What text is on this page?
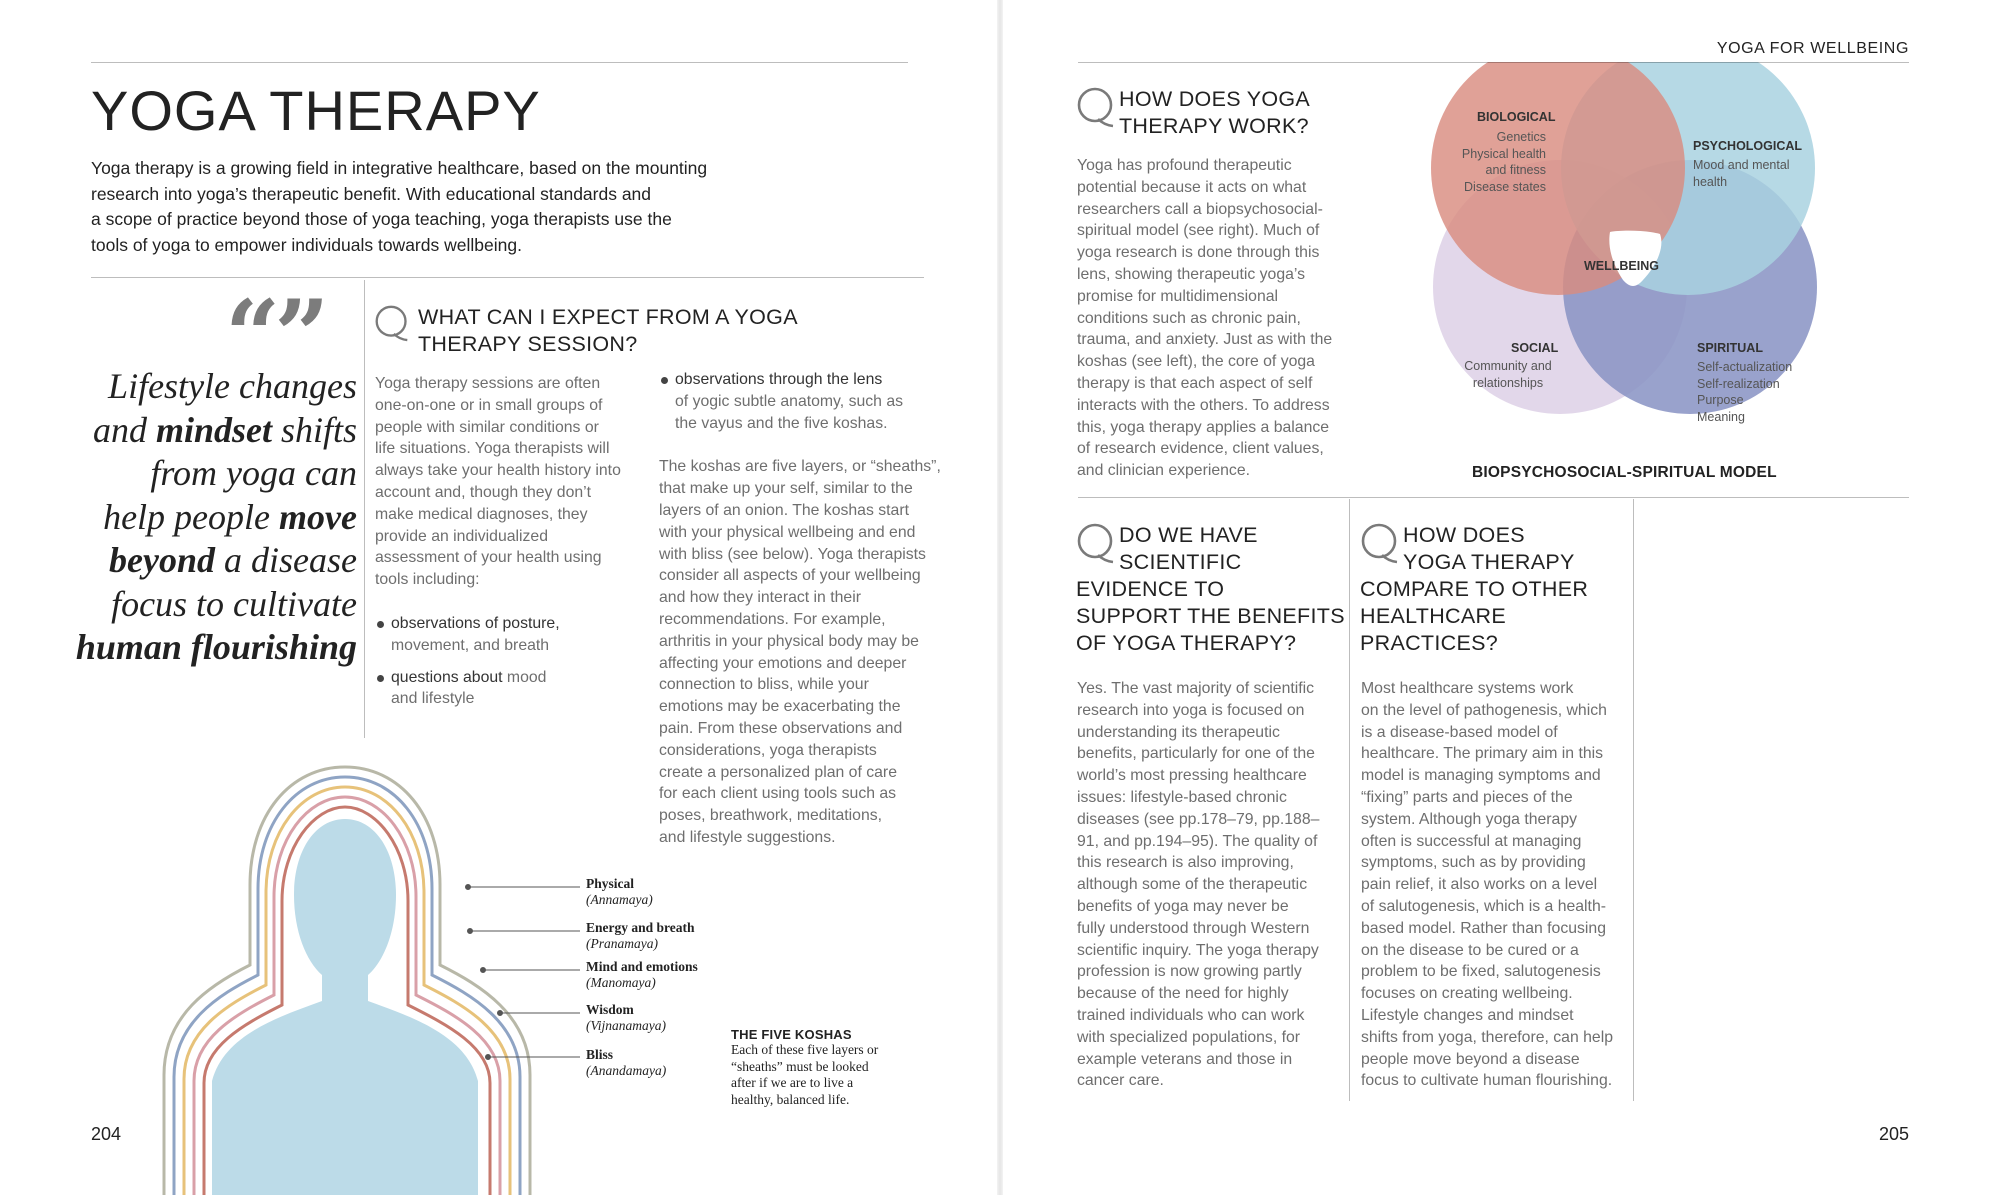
YOGA FOR WELLBEING
YOGA THERAPY
Yoga therapy is a growing field in integrative healthcare, based on the mounting
research into yoga’s therapeutic benefit. With educational standards and
a scope of practice beyond those of yoga teaching, yoga therapists use the
tools of yoga to empower individuals towards wellbeing.
“”
Lifestyle changes
and mindset shifts
from yoga can
help people move
beyond a disease
focus to cultivate
human flourishing
WHAT CAN I EXPECT FROM A YOGA
THERAPY SESSION?
Yoga therapy sessions are often
one-on-one or in small groups of
people with similar conditions or
life situations. Yoga therapists will
always take your health history into
account and, though they don’t
make medical diagnoses, they
provide an individualized
assessment of your health using
tools including:
observations of posture,
movement, and breath
questions about mood
and lifestyle
observations through the lens
of yogic subtle anatomy, such as
the vayus and the five koshas.
The koshas are five layers, or “sheaths”,
that make up your self, similar to the
layers of an onion. The koshas start
with your physical wellbeing and end
with bliss (see below). Yoga therapists
consider all aspects of your wellbeing
and how they interact in their
recommendations. For example,
arthritis in your physical body may be
affecting your emotions and deeper
connection to bliss, while your
emotions may be exacerbating the
pain. From these observations and
considerations, yoga therapists
create a personalized plan of care
for each client using tools such as
poses, breathwork, meditations,
and lifestyle suggestions.
Physical
(Annamaya)
Energy and breath
(Pranamaya)
Mind and emotions
(Manomaya)
Wisdom
(Vijnanamaya)
Bliss
(Anandamaya)
THE FIVE KOSHAS
Each of these five layers or
“sheaths” must be looked
after if we are to live a
healthy, balanced life.
204
HOW DOES YOGA
THERAPY WORK?
Yoga has profound therapeutic
potential because it acts on what
researchers call a biopsychosocial-
spiritual model (see right). Much of
yoga research is done through this
lens, showing therapeutic yoga’s
promise for multidimensional
conditions such as chronic pain,
trauma, and anxiety. Just as with the
koshas (see left), the core of yoga
therapy is that each aspect of self
interacts with the others. To address
this, yoga therapy applies a balance
of research evidence, client values,
and clinician experience.
BIOLOGICAL
Genetics
Physical health
and fitness
Disease states
PSYCHOLOGICAL
Mood and mental
health
WELLBEING
SOCIAL
Community and
relationships
SPIRITUAL
Self-actualization
Self-realization
Purpose
Meaning
BIOPSYCHOSOCIAL-SPIRITUAL MODEL
DO WE HAVE
SCIENTIFIC
EVIDENCE TO
SUPPORT THE BENEFITS
OF YOGA THERAPY?
Yes. The vast majority of scientific
research into yoga is focused on
understanding its therapeutic
benefits, particularly for one of the
world’s most pressing healthcare
issues: lifestyle-based chronic
diseases (see pp.178–79, pp.188–
91, and pp.194–95). The quality of
this research is also improving,
although some of the therapeutic
benefits of yoga may never be
fully understood through Western
scientific inquiry. The yoga therapy
profession is now growing partly
because of the need for highly
trained individuals who can work
with specialized populations, for
example veterans and those in
cancer care.
HOW DOES
YOGA THERAPY
COMPARE TO OTHER
HEALTHCARE
PRACTICES?
Most healthcare systems work
on the level of pathogenesis, which
is a disease-based model of
healthcare. The primary aim in this
model is managing symptoms and
“fixing” parts and pieces of the
system. Although yoga therapy
often is successful at managing
symptoms, such as by providing
pain relief, it also works on a level
of salutogenesis, which is a health-
based model. Rather than focusing
on the disease to be cured or a
problem to be fixed, salutogenesis
focuses on creating wellbeing.
Lifestyle changes and mindset
shifts from yoga, therefore, can help
people move beyond a disease
focus to cultivate human flourishing.
205
